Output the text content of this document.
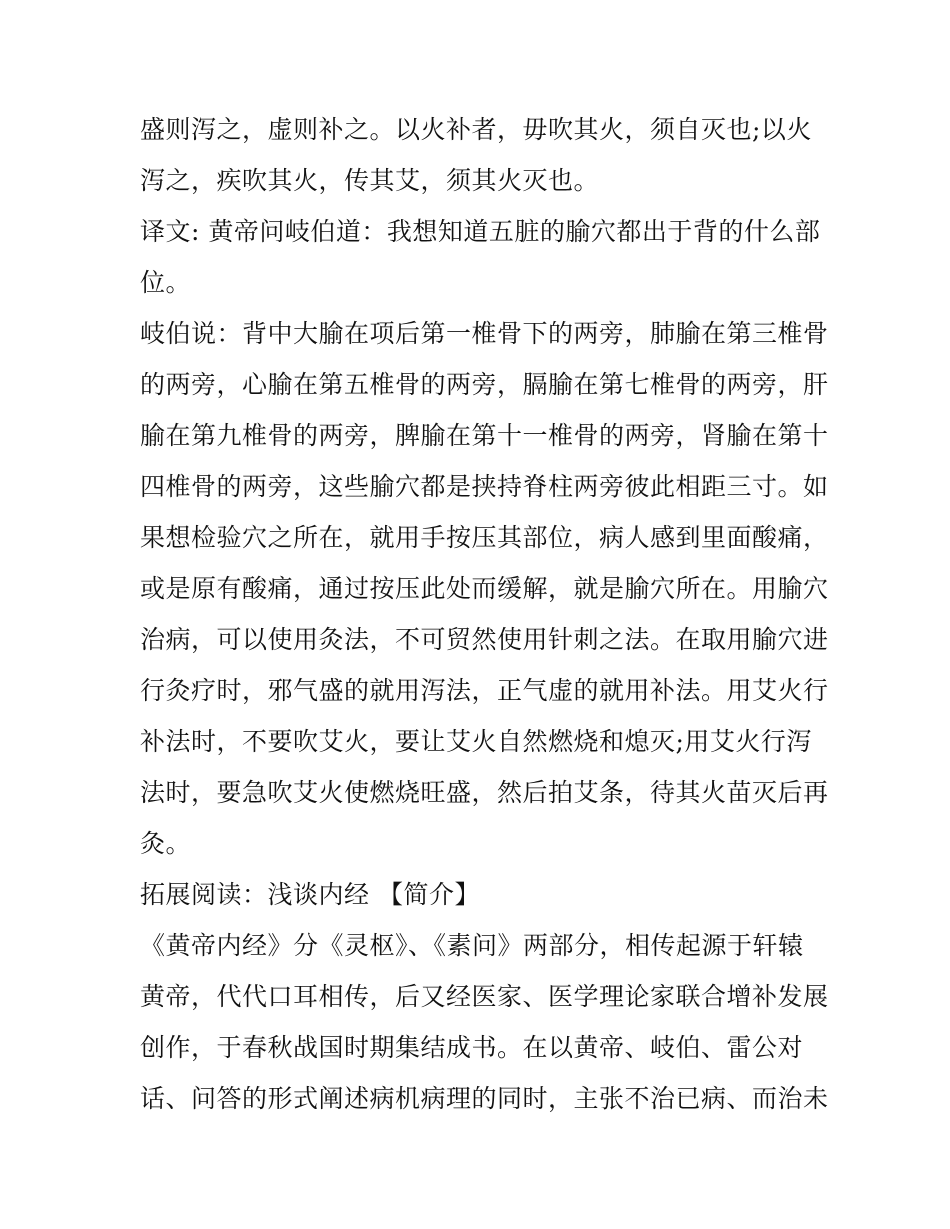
盛则泻之，虚则补之。以火补者，毋吹其火，须自灭也;以火
泻之，疾吹其火，传其艾，须其火灭也。
译文: 黄帝问岐伯道：我想知道五脏的腧穴都出于背的什么部
位。
岐伯说：背中大腧在项后第一椎骨下的两旁，肺腧在第三椎骨
的两旁，心腧在第五椎骨的两旁，膈腧在第七椎骨的两旁，肝
腧在第九椎骨的两旁，脾腧在第十一椎骨的两旁，肾腧在第十
四椎骨的两旁，这些腧穴都是挟持脊柱两旁彼此相距三寸。如
果想检验穴之所在，就用手按压其部位，病人感到里面酸痛，
或是原有酸痛，通过按压此处而缓解，就是腧穴所在。用腧穴
治病，可以使用灸法，不可贸然使用针刺之法。在取用腧穴进
行灸疗时，邪气盛的就用泻法，正气虚的就用补法。用艾火行
补法时，不要吹艾火，要让艾火自然燃烧和熄灭;用艾火行泻
法时，要急吹艾火使燃烧旺盛，然后拍艾条，待其火苗灭后再
灸。
拓展阅读：浅谈内经 【简介】
《黄帝内经》分《灵枢》、《素问》两部分，相传起源于轩辕
黄帝，代代口耳相传，后又经医家、医学理论家联合增补发展
创作，于春秋战国时期集结成书。在以黄帝、岐伯、雷公对
话、问答的形式阐述病机病理的同时，主张不治已病、而治未
